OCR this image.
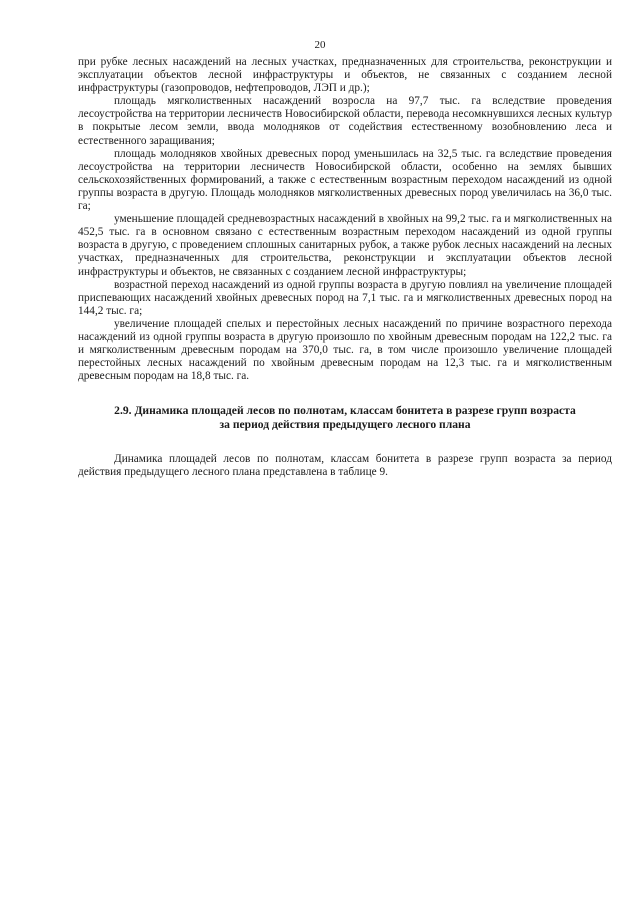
20

при рубке лесных насаждений на лесных участках, предназначенных для строительства, реконструкции и эксплуатации объектов лесной инфраструктуры и объектов, не связанных с созданием лесной инфраструктуры (газопроводов, нефтепроводов, ЛЭП и др.);

площадь мягколиственных насаждений возросла на 97,7 тыс. га вследствие проведения лесоустройства на территории лесничеств Новосибирской области, перевода несомкнувшихся лесных культур в покрытые лесом земли, ввода молодняков от содействия естественному возобновлению леса и естественного заращивания;

площадь молодняков хвойных древесных пород уменьшилась на 32,5 тыс. га вследствие проведения лесоустройства на территории лесничеств Новосибирской области, особенно на землях бывших сельскохозяйственных формирований, а также с естественным возрастным переходом насаждений из одной группы возраста в другую. Площадь молодняков мягколиственных древесных пород увеличилась на 36,0 тыс. га;

уменьшение площадей средневозрастных насаждений в хвойных на 99,2 тыс. га и мягколиственных на 452,5 тыс. га в основном связано с естественным возрастным переходом насаждений из одной группы возраста в другую, с проведением сплошных санитарных рубок, а также рубок лесных насаждений на лесных участках, предназначенных для строительства, реконструкции и эксплуатации объектов лесной инфраструктуры и объектов, не связанных с созданием лесной инфраструктуры;

возрастной переход насаждений из одной группы возраста в другую повлиял на увеличение площадей приспевающих насаждений хвойных древесных пород на 7,1 тыс. га и мягколиственных древесных пород на 144,2 тыс. га;

увеличение площадей спелых и перестойных лесных насаждений по причине возрастного перехода насаждений из одной группы возраста в другую произошло по хвойным древесным породам на 122,2 тыс. га и мягколиственным древесным породам на 370,0 тыс. га, в том числе произошло увеличение площадей перестойных лесных насаждений по хвойным древесным породам на 12,3 тыс. га и мягколиственным древесным породам на 18,8 тыс. га.

2.9. Динамика площадей лесов по полнотам, классам бонитета в разрезе групп возраста
за период действия предыдущего лесного плана

Динамика площадей лесов по полнотам, классам бонитета в разрезе групп возраста за период действия предыдущего лесного плана представлена в таблице 9.
